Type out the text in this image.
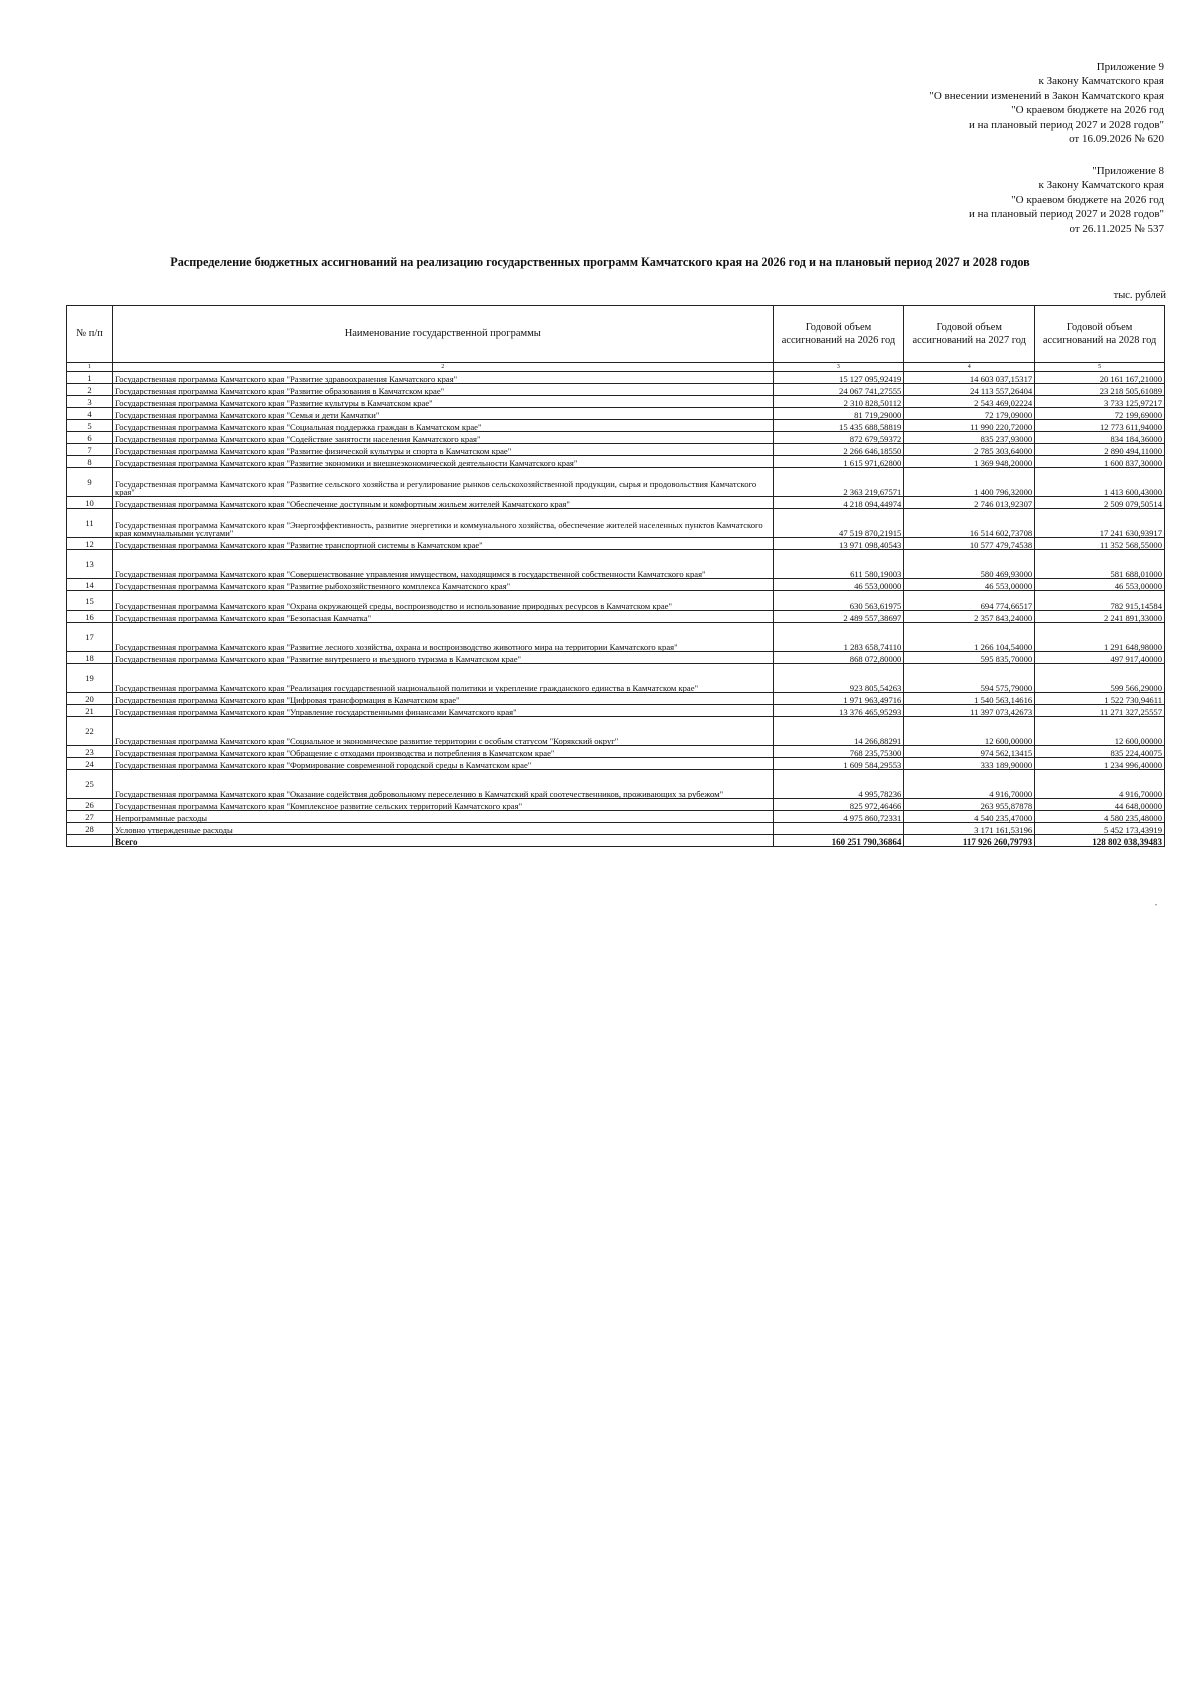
Приложение 9
к Закону Камчатского края
"О внесении изменений в Закон Камчатского края
"О краевом бюджете на 2026 год
и на плановый период 2027 и 2028 годов"
от 16.09.2026 № 620
"Приложение 8
к Закону Камчатского края
"О краевом бюджете на 2026 год
и на плановый период 2027 и 2028 годов"
от 26.11.2025 № 537
Распределение бюджетных ассигнований на реализацию государственных программ Камчатского края на 2026 год и на плановый период 2027 и 2028 годов
тыс. рублей
№ п/п	Наименование государственной программы	Годовой объем ассигнований на 2026 год	Годовой объем ассигнований на 2027 год	Годовой объем ассигнований на 2028 год
1	2	3	4	5
1	Государственная программа Камчатского края "Развитие здравоохранения Камчатского края"	15 127 095,92419	14 603 037,15317	20 161 167,21000
2	Государственная программа Камчатского края "Развитие образования в Камчатском крае"	24 067 741,27555	24 113 557,26404	23 218 505,61089
3	Государственная программа Камчатского края "Развитие культуры в Камчатском крае"	2 310 828,50112	2 543 469,02224	3 733 125,97217
4	Государственная программа Камчатского края "Семья и дети Камчатки"	81 719,29000	72 179,09000	72 199,69000
5	Государственная программа Камчатского края "Социальная поддержка граждан в Камчатском крае"	15 435 688,58819	11 990 220,72000	12 773 611,94000
6	Государственная программа Камчатского края "Содействие занятости населения Камчатского края"	872 679,59372	835 237,93000	834 184,36000
7	Государственная программа Камчатского края "Развитие физической культуры и спорта в Камчатском крае"	2 266 646,18550	2 785 303,64000	2 890 494,11000
8	Государственная программа Камчатского края "Развитие экономики и внешнеэкономической деятельности Камчатского края"	1 615 971,62800	1 369 948,20000	1 600 837,30000
9	Государственная программа Камчатского края "Развитие сельского хозяйства и регулирование рынков сельскохозяйственной продукции, сырья и продовольствия Камчатского края"	2 363 219,67571	1 400 796,32000	1 413 600,43000
10	Государственная программа Камчатского края "Обеспечение доступным и комфортным жильем жителей Камчатского края"	4 218 094,44974	2 746 013,92307	2 509 079,50514
11	Государственная программа Камчатского края "Энергоэффективность, развитие энергетики и коммунального хозяйства, обеспечение жителей населенных пунктов Камчатского края коммунальными услугами"	47 519 870,21915	16 514 602,73708	17 241 630,93917
12	Государственная программа Камчатского края "Развитие транспортной системы в Камчатском крае"	13 971 098,40543	10 577 479,74538	11 352 568,55000
13	Государственная программа Камчатского края "Совершенствование управления имуществом, находящимся в государственной собственности Камчатского края"	611 580,19003	580 469,93000	581 688,01000
14	Государственная программа Камчатского края "Развитие рыбохозяйственного комплекса Камчатского края"	46 553,00000	46 553,00000	46 553,00000
15	Государственная программа Камчатского края "Охрана окружающей среды, воспроизводство и использование природных ресурсов в Камчатском крае"	630 563,61975	694 774,66517	782 915,14584
16	Государственная программа Камчатского края "Безопасная Камчатка"	2 489 557,38697	2 357 843,24000	2 241 891,33000
17	Государственная программа Камчатского края "Развитие лесного хозяйства, охрана и воспроизводство животного мира на территории Камчатского края"	1 283 658,74110	1 266 104,54000	1 291 648,98000
18	Государственная программа Камчатского края "Развитие внутреннего и въездного туризма в Камчатском крае"	868 072,80000	595 835,70000	497 917,40000
19	Государственная программа Камчатского края "Реализация государственной национальной политики и укрепление гражданского единства в Камчатском крае"	923 805,54263	594 575,79000	599 566,29000
20	Государственная программа Камчатского края "Цифровая трансформация в Камчатском крае"	1 971 963,49716	1 540 563,14616	1 522 730,94611
21	Государственная программа Камчатского края "Управление государственными финансами Камчатского края"	13 376 465,95293	11 397 073,42673	11 271 327,25557
22	Государственная программа Камчатского края "Социальное и экономическое развитие территории с особым статусом "Корякский округ"	14 266,88291	12 600,00000	12 600,00000
23	Государственная программа Камчатского края "Обращение с отходами производства и потребления в Камчатском крае"	768 235,75300	974 562,13415	835 224,40075
24	Государственная программа Камчатского края "Формирование современной городской среды в Камчатском крае"	1 609 584,29553	333 189,90000	1 234 996,40000
25	Государственная программа Камчатского края "Оказание содействия добровольному переселению в Камчатский край соотечественников, проживающих за рубежом"	4 995,78236	4 916,70000	4 916,70000
26	Государственная программа Камчатского края "Комплексное развитие сельских территорий Камчатского края"	825 972,46466	263 955,87878	44 648,00000
27	Непрограммные расходы	4 975 860,72331	4 540 235,47000	4 580 235,48000
28	Условно утвержденные расходы		3 171 161,53196	5 452 173,43919
	Всего	160 251 790,36864	117 926 260,79793	128 802 038,39483
"
